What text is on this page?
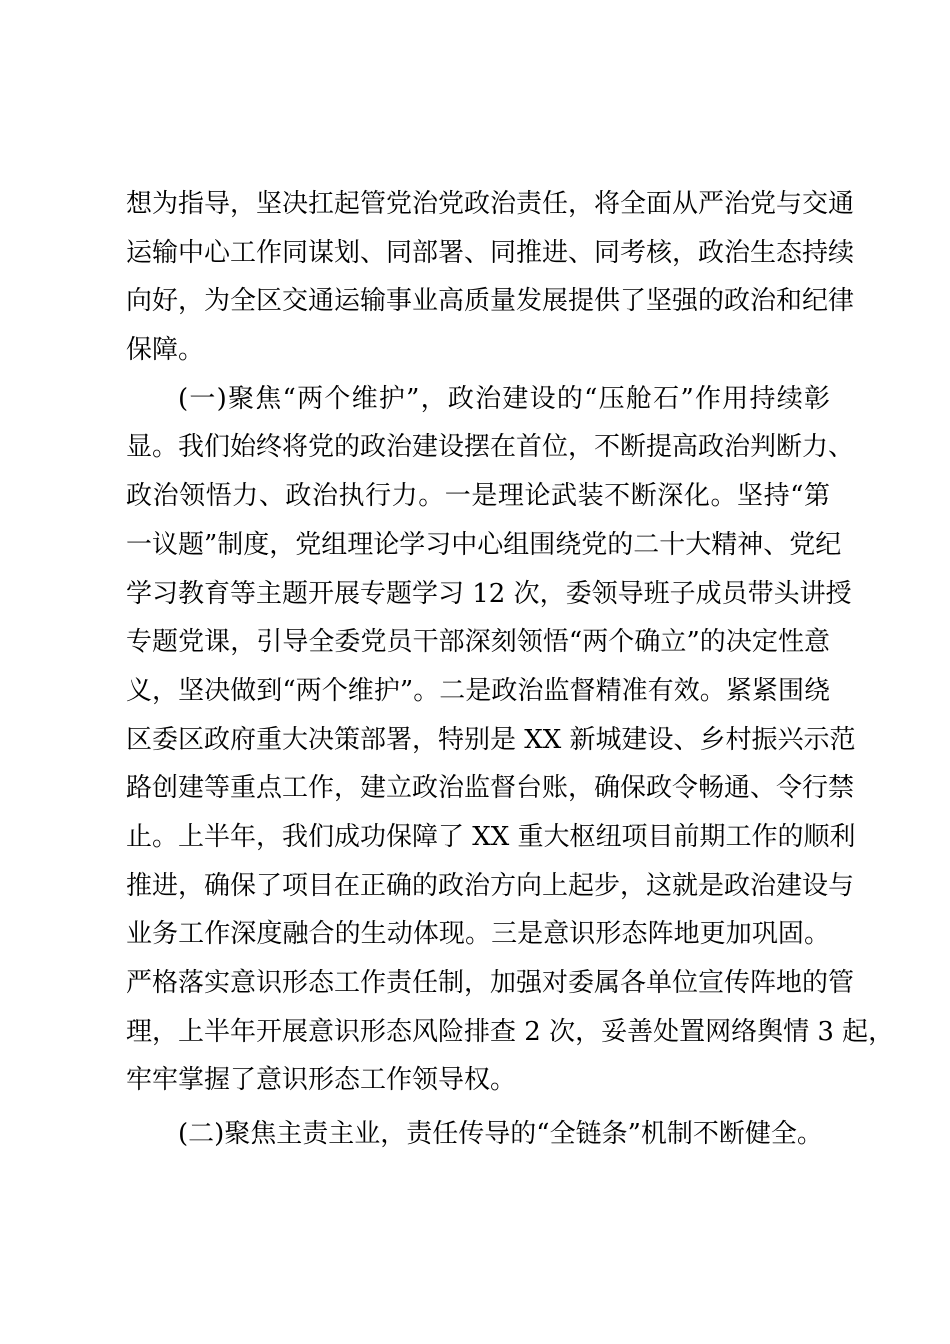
想为指导，坚决扛起管党治党政治责任，将全面从严治党与交通
运输中心工作同谋划、同部署、同推进、同考核，政治生态持续
向好，为全区交通运输事业高质量发展提供了坚强的政治和纪律
保障。
(一)聚焦“两个维护”，政治建设的“压舱石”作用持续彰
显。我们始终将党的政治建设摆在首位，不断提高政治判断力、
政治领悟力、政治执行力。一是理论武装不断深化。坚持“第
一议题”制度，党组理论学习中心组围绕党的二十大精神、党纪
学习教育等主题开展专题学习 12 次，委领导班子成员带头讲授
专题党课，引导全委党员干部深刻领悟“两个确立”的决定性意
义，坚决做到“两个维护”。二是政治监督精准有效。紧紧围绕
区委区政府重大决策部署，特别是 XX 新城建设、乡村振兴示范
路创建等重点工作，建立政治监督台账，确保政令畅通、令行禁
止。上半年，我们成功保障了 XX 重大枢纽项目前期工作的顺利
推进，确保了项目在正确的政治方向上起步，这就是政治建设与
业务工作深度融合的生动体现。三是意识形态阵地更加巩固。
严格落实意识形态工作责任制，加强对委属各单位宣传阵地的管
理，上半年开展意识形态风险排查 2 次，妥善处置网络舆情 3 起，
牢牢掌握了意识形态工作领导权。
(二)聚焦主责主业，责任传导的“全链条”机制不断健全。
